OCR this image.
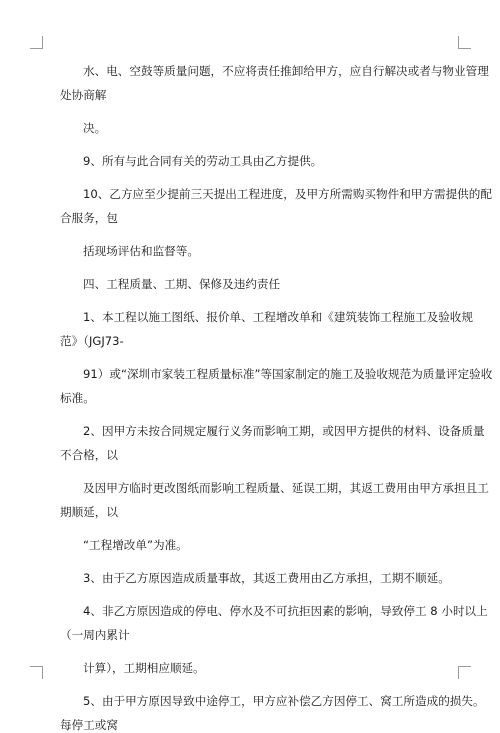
水、电、空鼓等质量问题，不应将责任推卸给甲方，应自行解决或者与物业管理
处协商解
决。
9、所有与此合同有关的劳动工具由乙方提供。
10、乙方应至少提前三天提出工程进度，及甲方所需购买物件和甲方需提供的配
合服务，包
括现场评估和监督等。
四、工程质量、工期、保修及违约责任
1、本工程以施工图纸、报价单、工程增改单和《建筑装饰工程施工及验收规
范》（JGJ73-
91）或“深圳市家装工程质量标准”等国家制定的施工及验收规范为质量评定验收
标准。
2、因甲方未按合同规定履行义务而影响工期，或因甲方提供的材料、设备质量
不合格，以
及因甲方临时更改图纸而影响工程质量、延误工期，其返工费用由甲方承担且工
期顺延，以
“工程增改单”为准。
3、由于乙方原因造成质量事故，其返工费用由乙方承担，工期不顺延。
4、非乙方原因造成的停电、停水及不可抗拒因素的影响，导致停工 8 小时以上
（一周内累计
计算），工期相应顺延。
5、由于甲方原因导致中途停工，甲方应补偿乙方因停工、窝工所造成的损失。
每停工或窝
